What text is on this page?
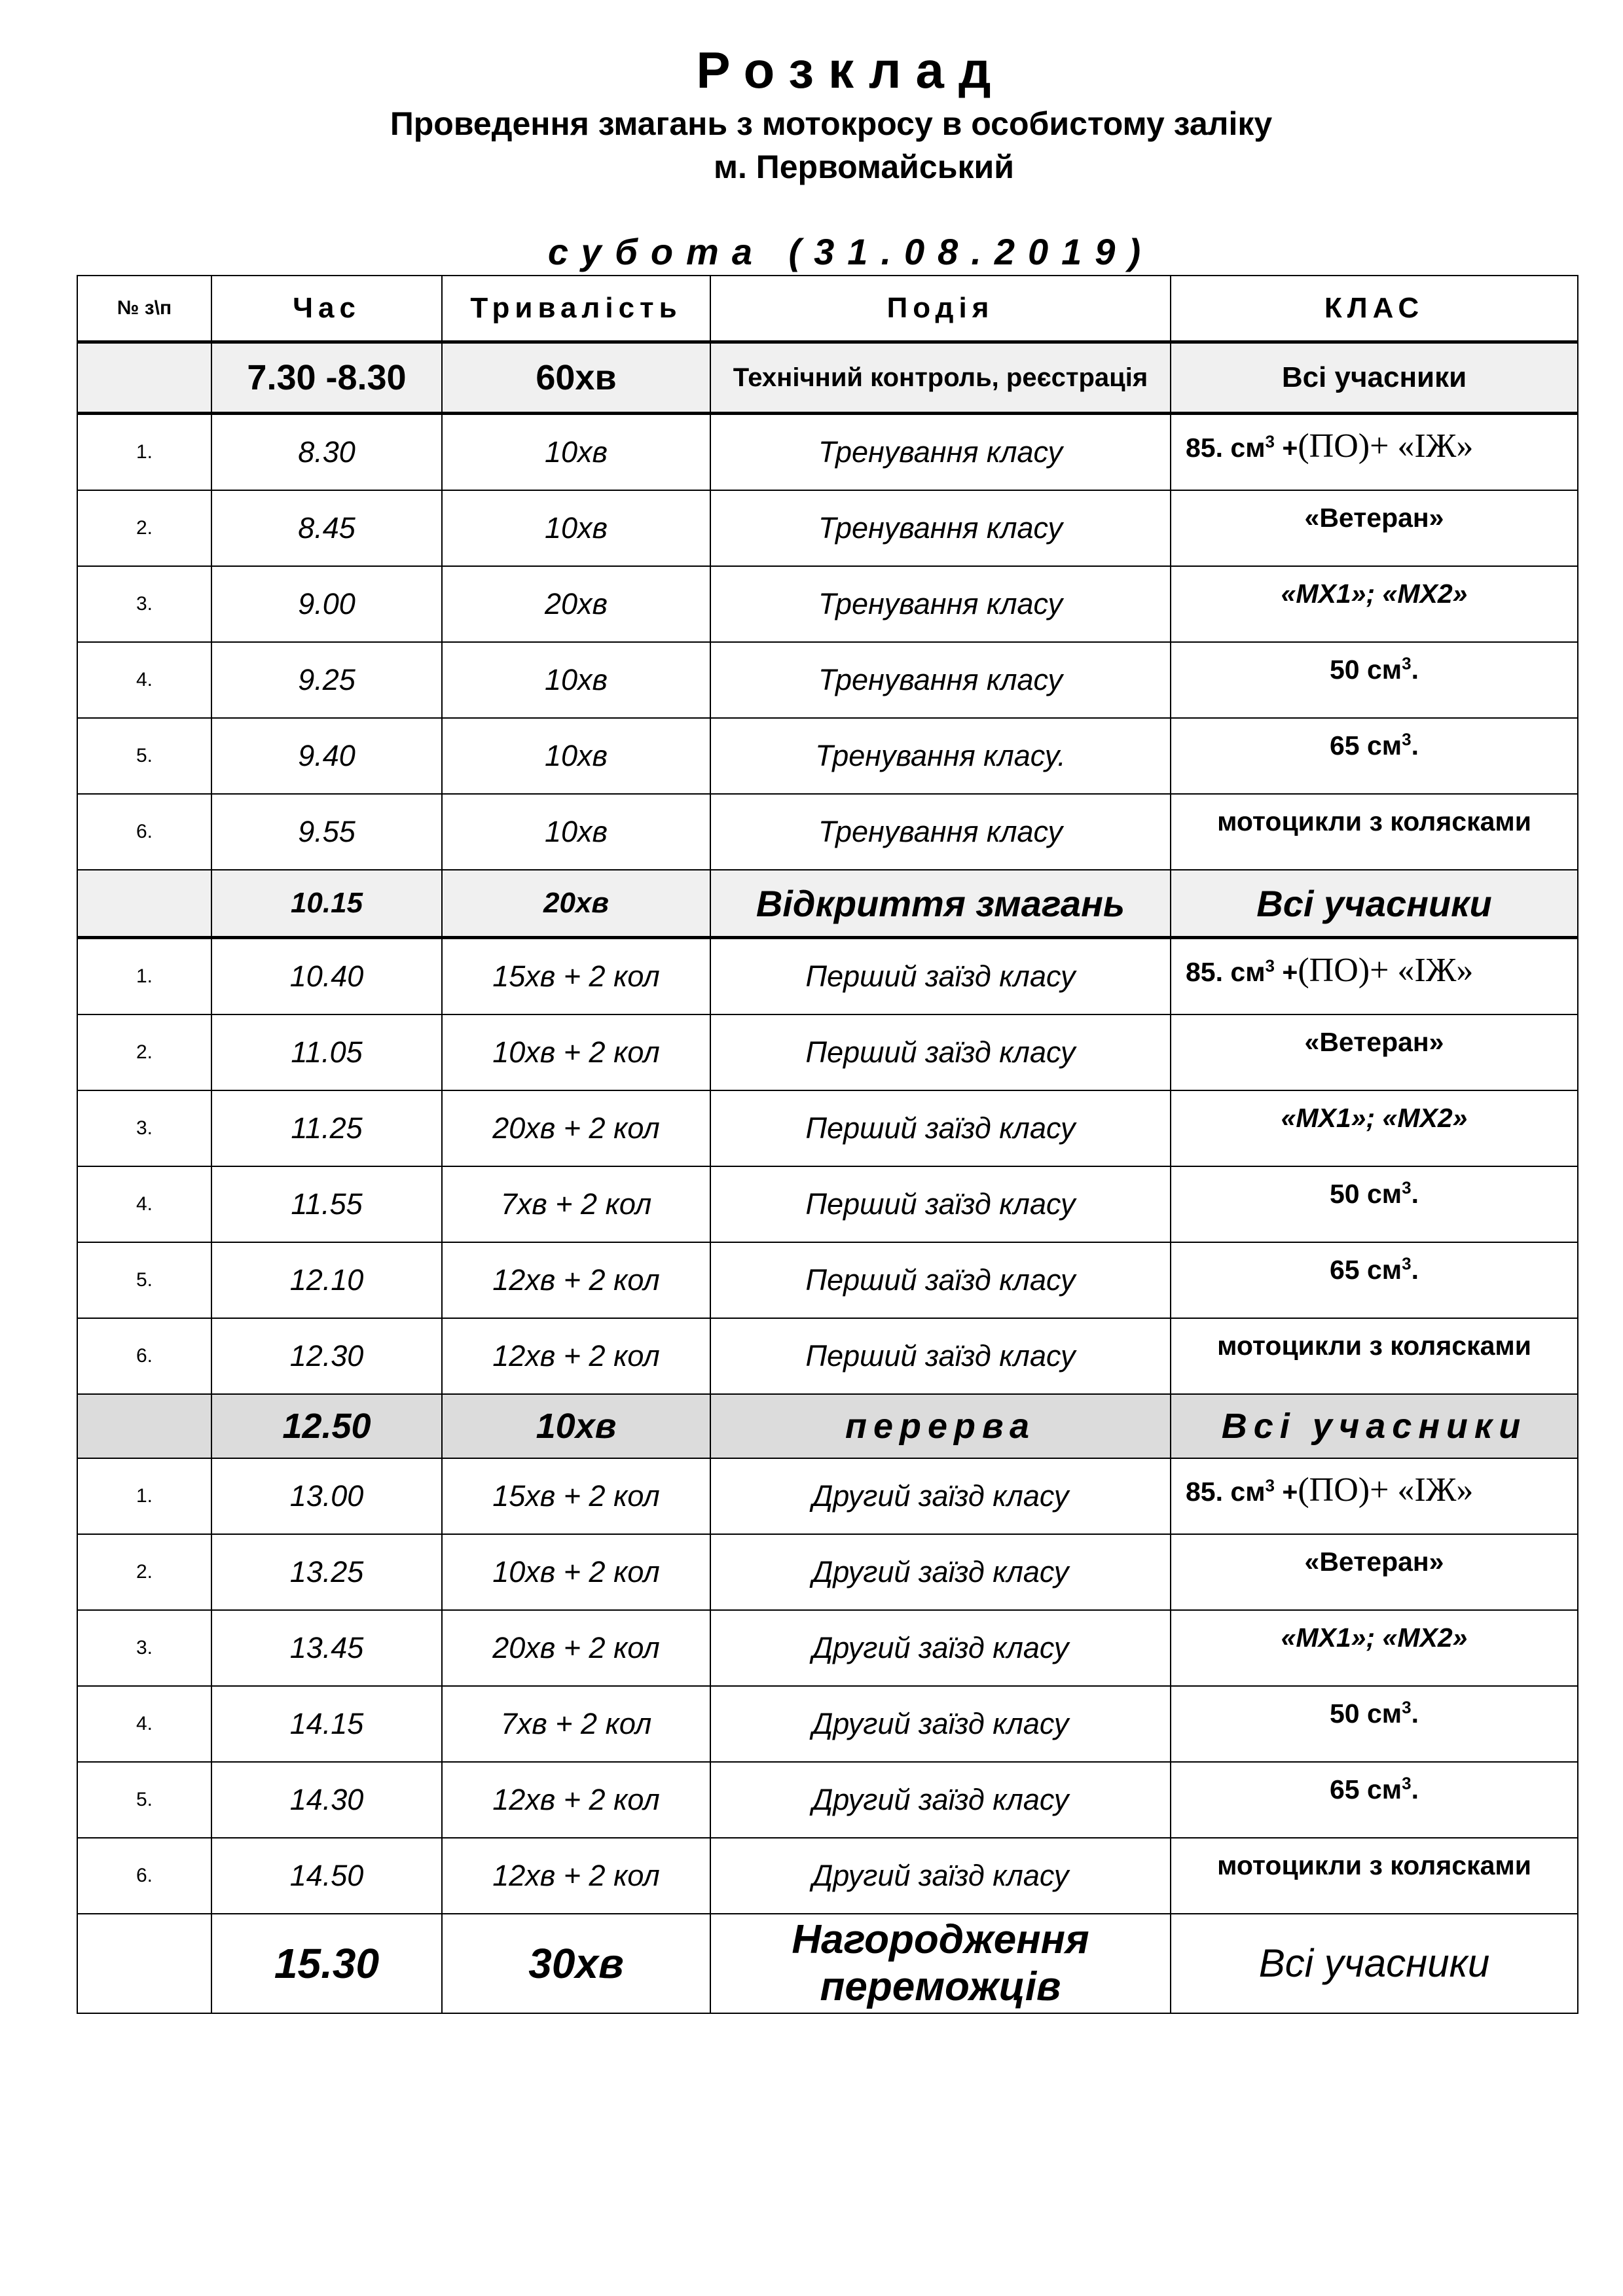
Розклад
Проведення змагань з мотокросу в особистому заліку
м. Первомайський
субота (31.08.2019)
№ з\п	Час	Тривалість	Подія	КЛАС
	7.30 -8.30	60хв	Технічний контроль, реєстрація	Всі учасники
1.	8.30	10хв	Тренування класу	85. $см^3 +(ПО)+$ «ІЖ»
2.	8.45	10хв	Тренування класу	«Ветеран»
3.	9.00	20хв	Тренування класу	«MX1»; «MX2»
4.	9.25	10хв	Тренування класу	50 $см^3$.
5.	9.40	10хв	Тренування класу.	65 $см^3$.
6.	9.55	10хв	Тренування класу	мотоцикли з колясками
	10.15	20хв	Відкриття змагань	Всі учасники
1.	10.40	15хв + 2 кол	Перший заїзд класу	85. $см^3 +(ПО)+$ «ІЖ»
2.	11.05	10хв + 2 кол	Перший заїзд класу	«Ветеран»
3.	11.25	20хв + 2 кол	Перший заїзд класу	«MX1»; «MX2»
4.	11.55	7хв + 2 кол	Перший заїзд класу	50 $см^3$.
5.	12.10	12хв + 2 кол	Перший заїзд класу	65 $см^3$.
6.	12.30	12хв + 2 кол	Перший заїзд класу	мотоцикли з колясками
	12.50	10хв	перерва	Всі учасники
1.	13.00	15хв + 2 кол	Другий заїзд класу	85. $см^3 +(ПО)+$ «ІЖ»
2.	13.25	10хв + 2 кол	Другий заїзд класу	«Ветеран»
3.	13.45	20хв + 2 кол	Другий заїзд класу	«MX1»; «MX2»
4.	14.15	7хв + 2 кол	Другий заїзд класу	50 $см^3$.
5.	14.30	12хв + 2 кол	Другий заїзд класу	65 $см^3$.
6.	14.50	12хв + 2 кол	Другий заїзд класу	мотоцикли з колясками
	15.30	30хв	Нагородження переможців	Всі учасники
